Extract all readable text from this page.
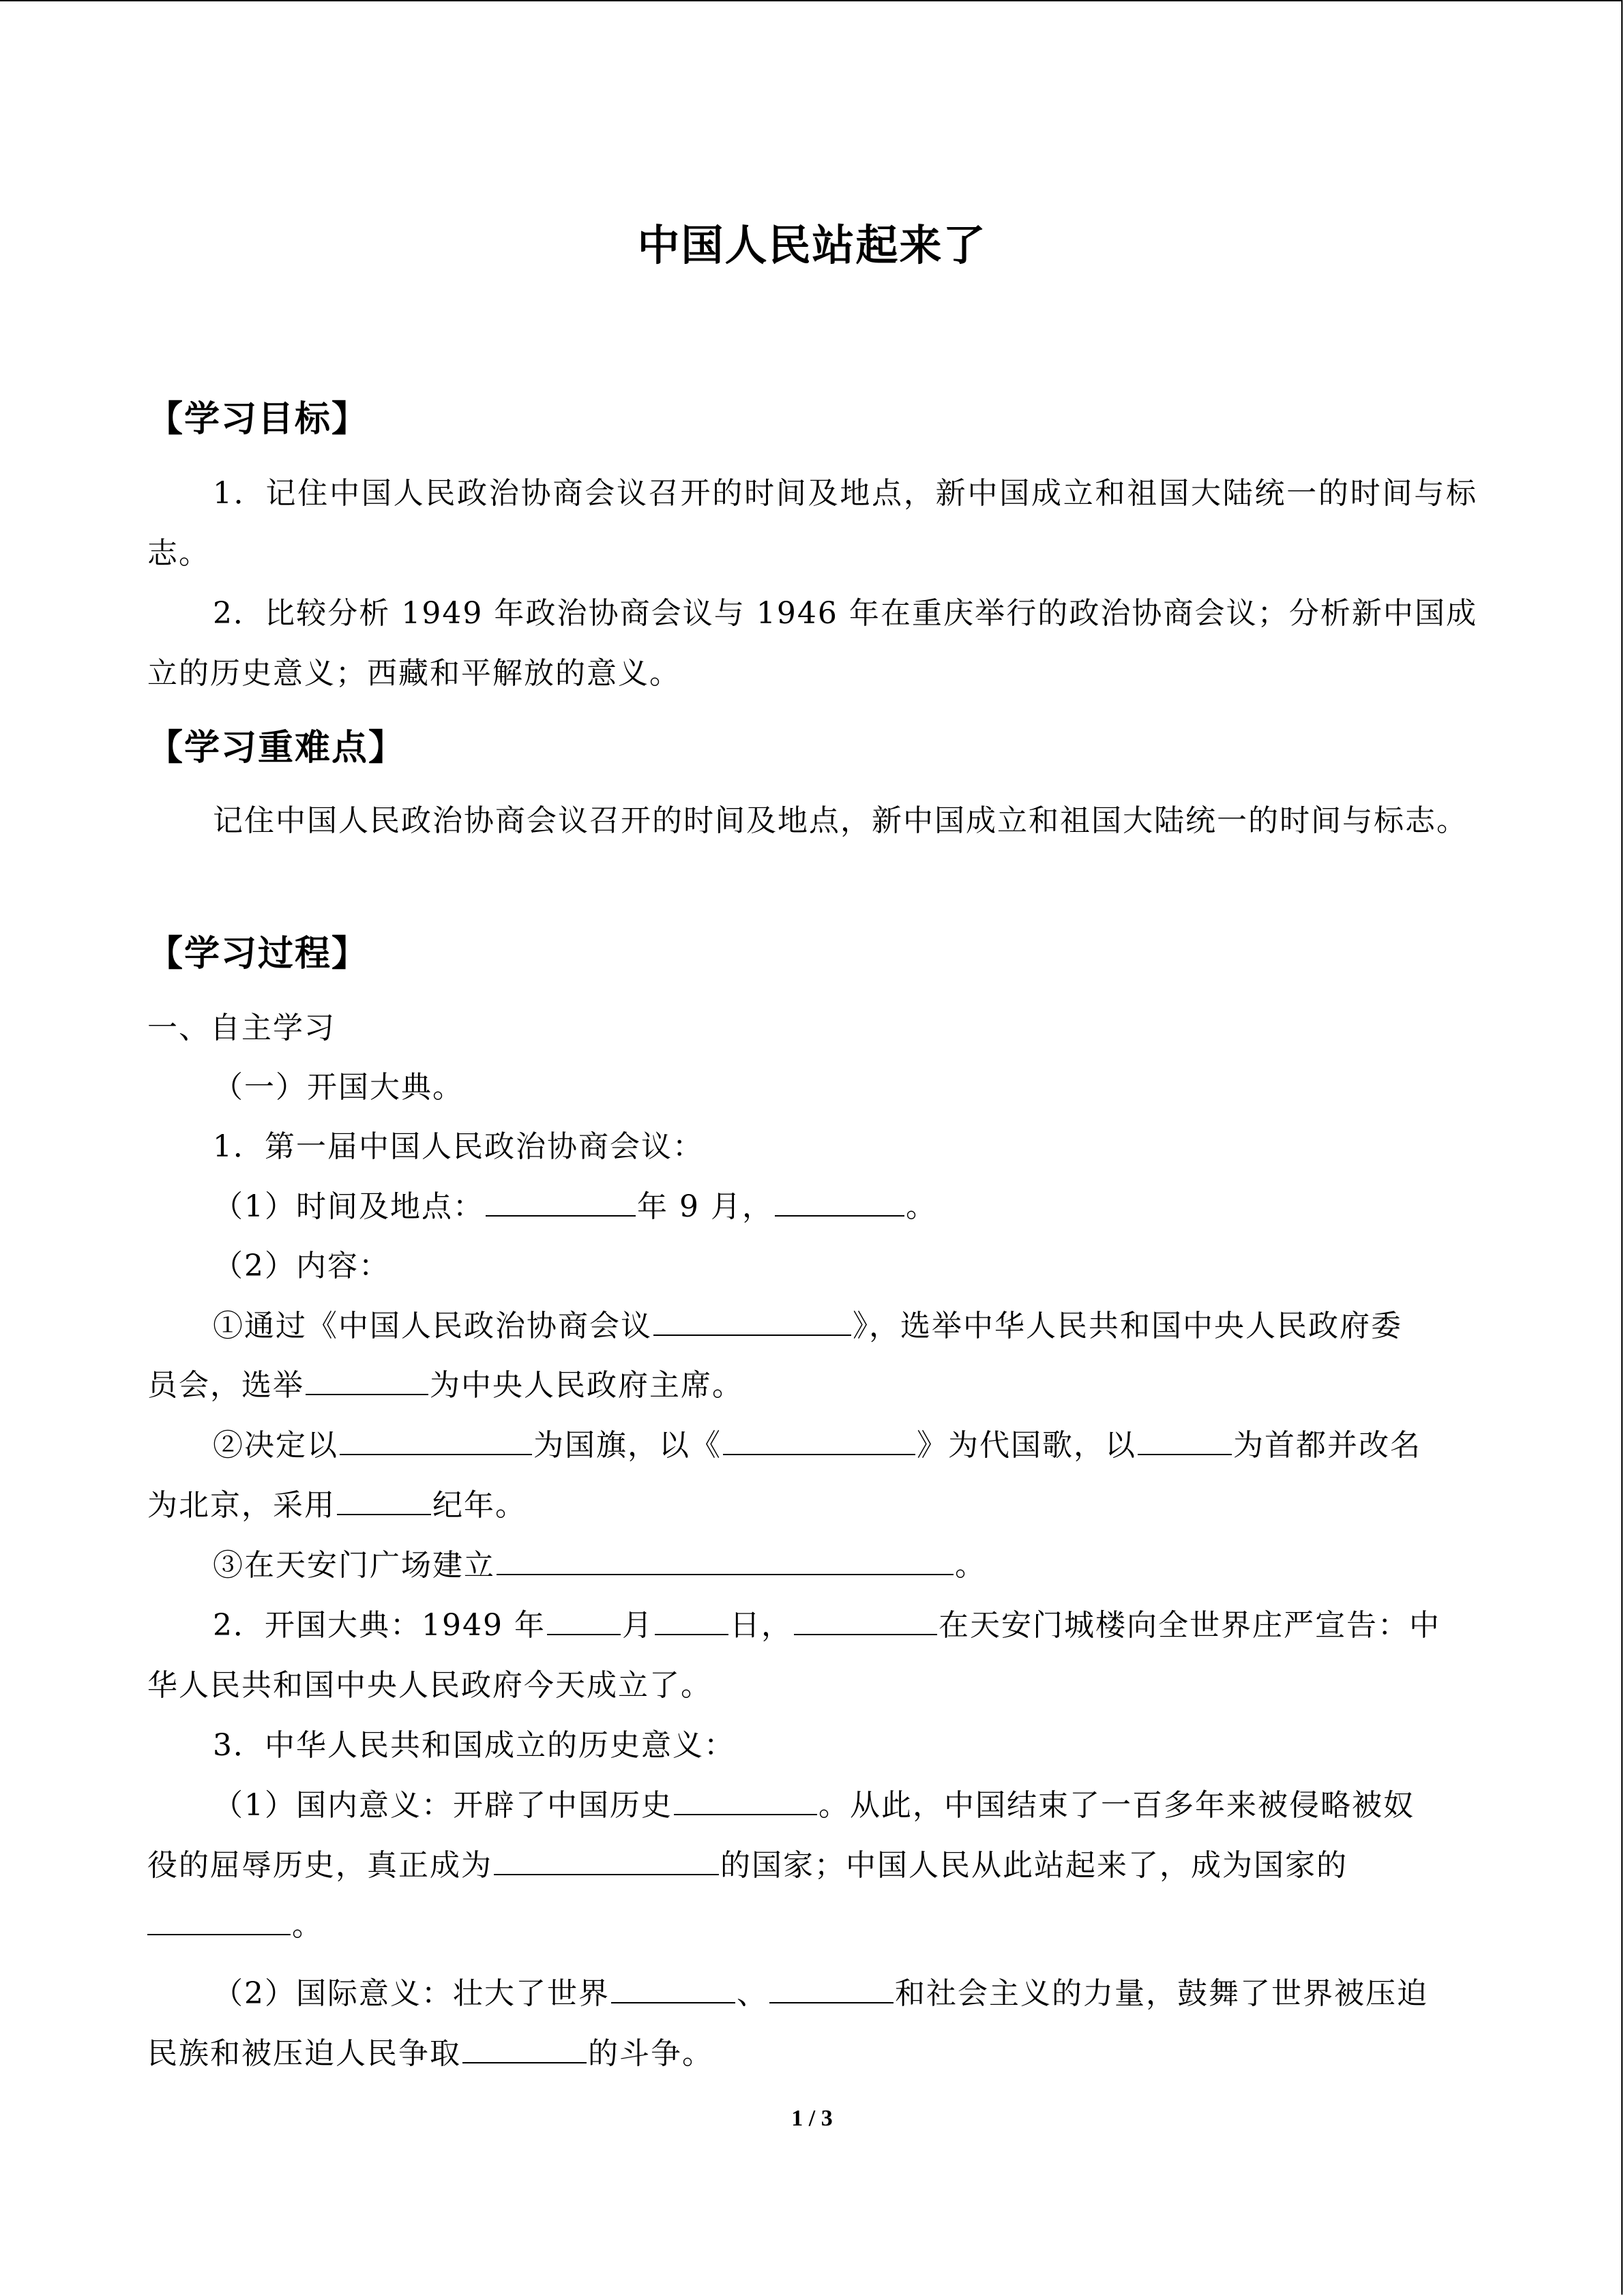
中国人民站起来了
【学习目标】
1．记住中国人民政治协商会议召开的时间及地点，新中国成立和祖国大陆统一的时间与标志。
2．比较分析 1949 年政治协商会议与 1946 年在重庆举行的政治协商会议；分析新中国成立的历史意义；西藏和平解放的意义。
【学习重难点】
记住中国人民政治协商会议召开的时间及地点，新中国成立和祖国大陆统一的时间与标志。
【学习过程】
一、自主学习
（一）开国大典。
1．第一届中国人民政治协商会议：
（1）时间及地点：	年 9 月，	。
（2）内容：
①通过《中国人民政治协商会议	》，选举中华人民共和国中央人民政府委
员会，选举	为中央人民政府主席。
②决定以	为国旗，以《	》为代国歌，以	为首都并改名
为北京，采用	纪年。
③在天安门广场建立	。
2．开国大典：1949 年	月	日，	在天安门城楼向全世界庄严宣告：中
华人民共和国中央人民政府今天成立了。
3．中华人民共和国成立的历史意义：
（1）国内意义：开辟了中国历史	。从此，中国结束了一百多年来被侵略被奴
役的屈辱历史，真正成为	的国家；中国人民从此站起来了，成为国家的
。
（2）国际意义：壮大了世界	、	和社会主义的力量，鼓舞了世界被压迫
民族和被压迫人民争取	的斗争。
1 / 3
